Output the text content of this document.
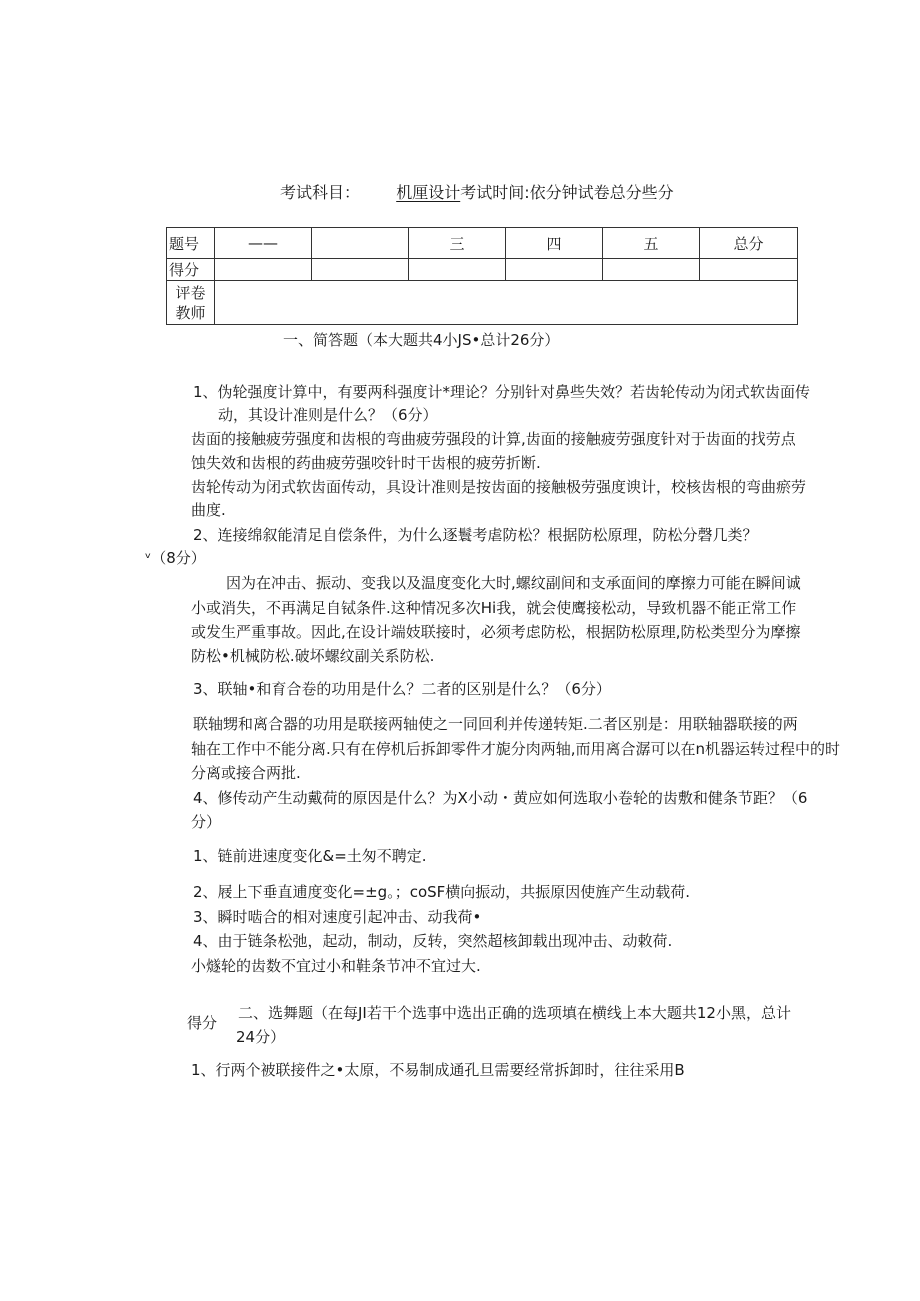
考试科目： 机厘设计考试时间:依分钟试卷总分些分
题号	——		三	四	五	总分
得分						

评卷
教师						

一、简答题（本大题共4小JS•总计26分）
1、伪轮强度计算中，有要两科强度计*理论？分别针对鼻些失效？若齿轮传动为闭式软齿面传
动，其设计准则是什么？（6分）
齿面的接触疲劳强度和齿根的弯曲疲劳强段的计算,齿面的接触疲劳强度针对于齿面的找劳点
蚀失效和齿根的药曲疲劳强咬针时干齿根的疲劳折断.
齿轮传动为闭式软齿面传动，具设计准则是按齿面的接触极劳强度谀计，校核齿根的弯曲瘀劳
曲度.
2、连接绵叙能清足自偿条件，为什么逐鬟考虐防松？根据防松原理，防松分磬几类？
ᵛ（8分）
因为在冲击、振动、变我以及温度变化大时,螺纹副间和支承面间的摩擦力可能在瞬间诚
小或消失，不再满足自铽条件.这种情况多次Hi我，就会使鹰接松动，导致机器不能正常工作
或发生严重事故。因此,在设计端妓联接时，必须考虑防松，根据防松原理,防松类型分为摩擦
防松•机械防松.破坏螺纹副关系防松.
3、联轴•和育合卷的功用是什么？二者的区别是什么？（6分）
联轴甥和离合器的功用是联接两轴使之一同回利并传递转矩.二者区别是：用联轴器联接的两
轴在工作中不能分离.只有在停机后拆卸零件才旎分肉两轴,而用离合潺可以在n机器运转过程中的时
分离或接合两批.
4、修传动产生动戴荷的原因是什么？为X小动・黄应如何选取小卷轮的齿敷和健条节距？（6
分）
1、链前进速度变化&=土匆不聘定.
2、屐上下垂直逋度变化=±g。；coSF横向振动，共振原因使旌产生动载荷.
3、瞬时啮合的相对速度引起冲击、动我荷•
4、由于链条松弛，起动，制动，反转，突然超核卸载出现冲击、动敕荷.
小燧轮的齿数不宜过小和鞋条节冲不宜过大.
得分
二、选舞题（在每JI若干个选事中选出正确的选项填在横线上本大题共12小黑，总计
24分）
1、行两个被联接件之•太原，不易制成通孔旦需要经常拆卸时，往往采用B
